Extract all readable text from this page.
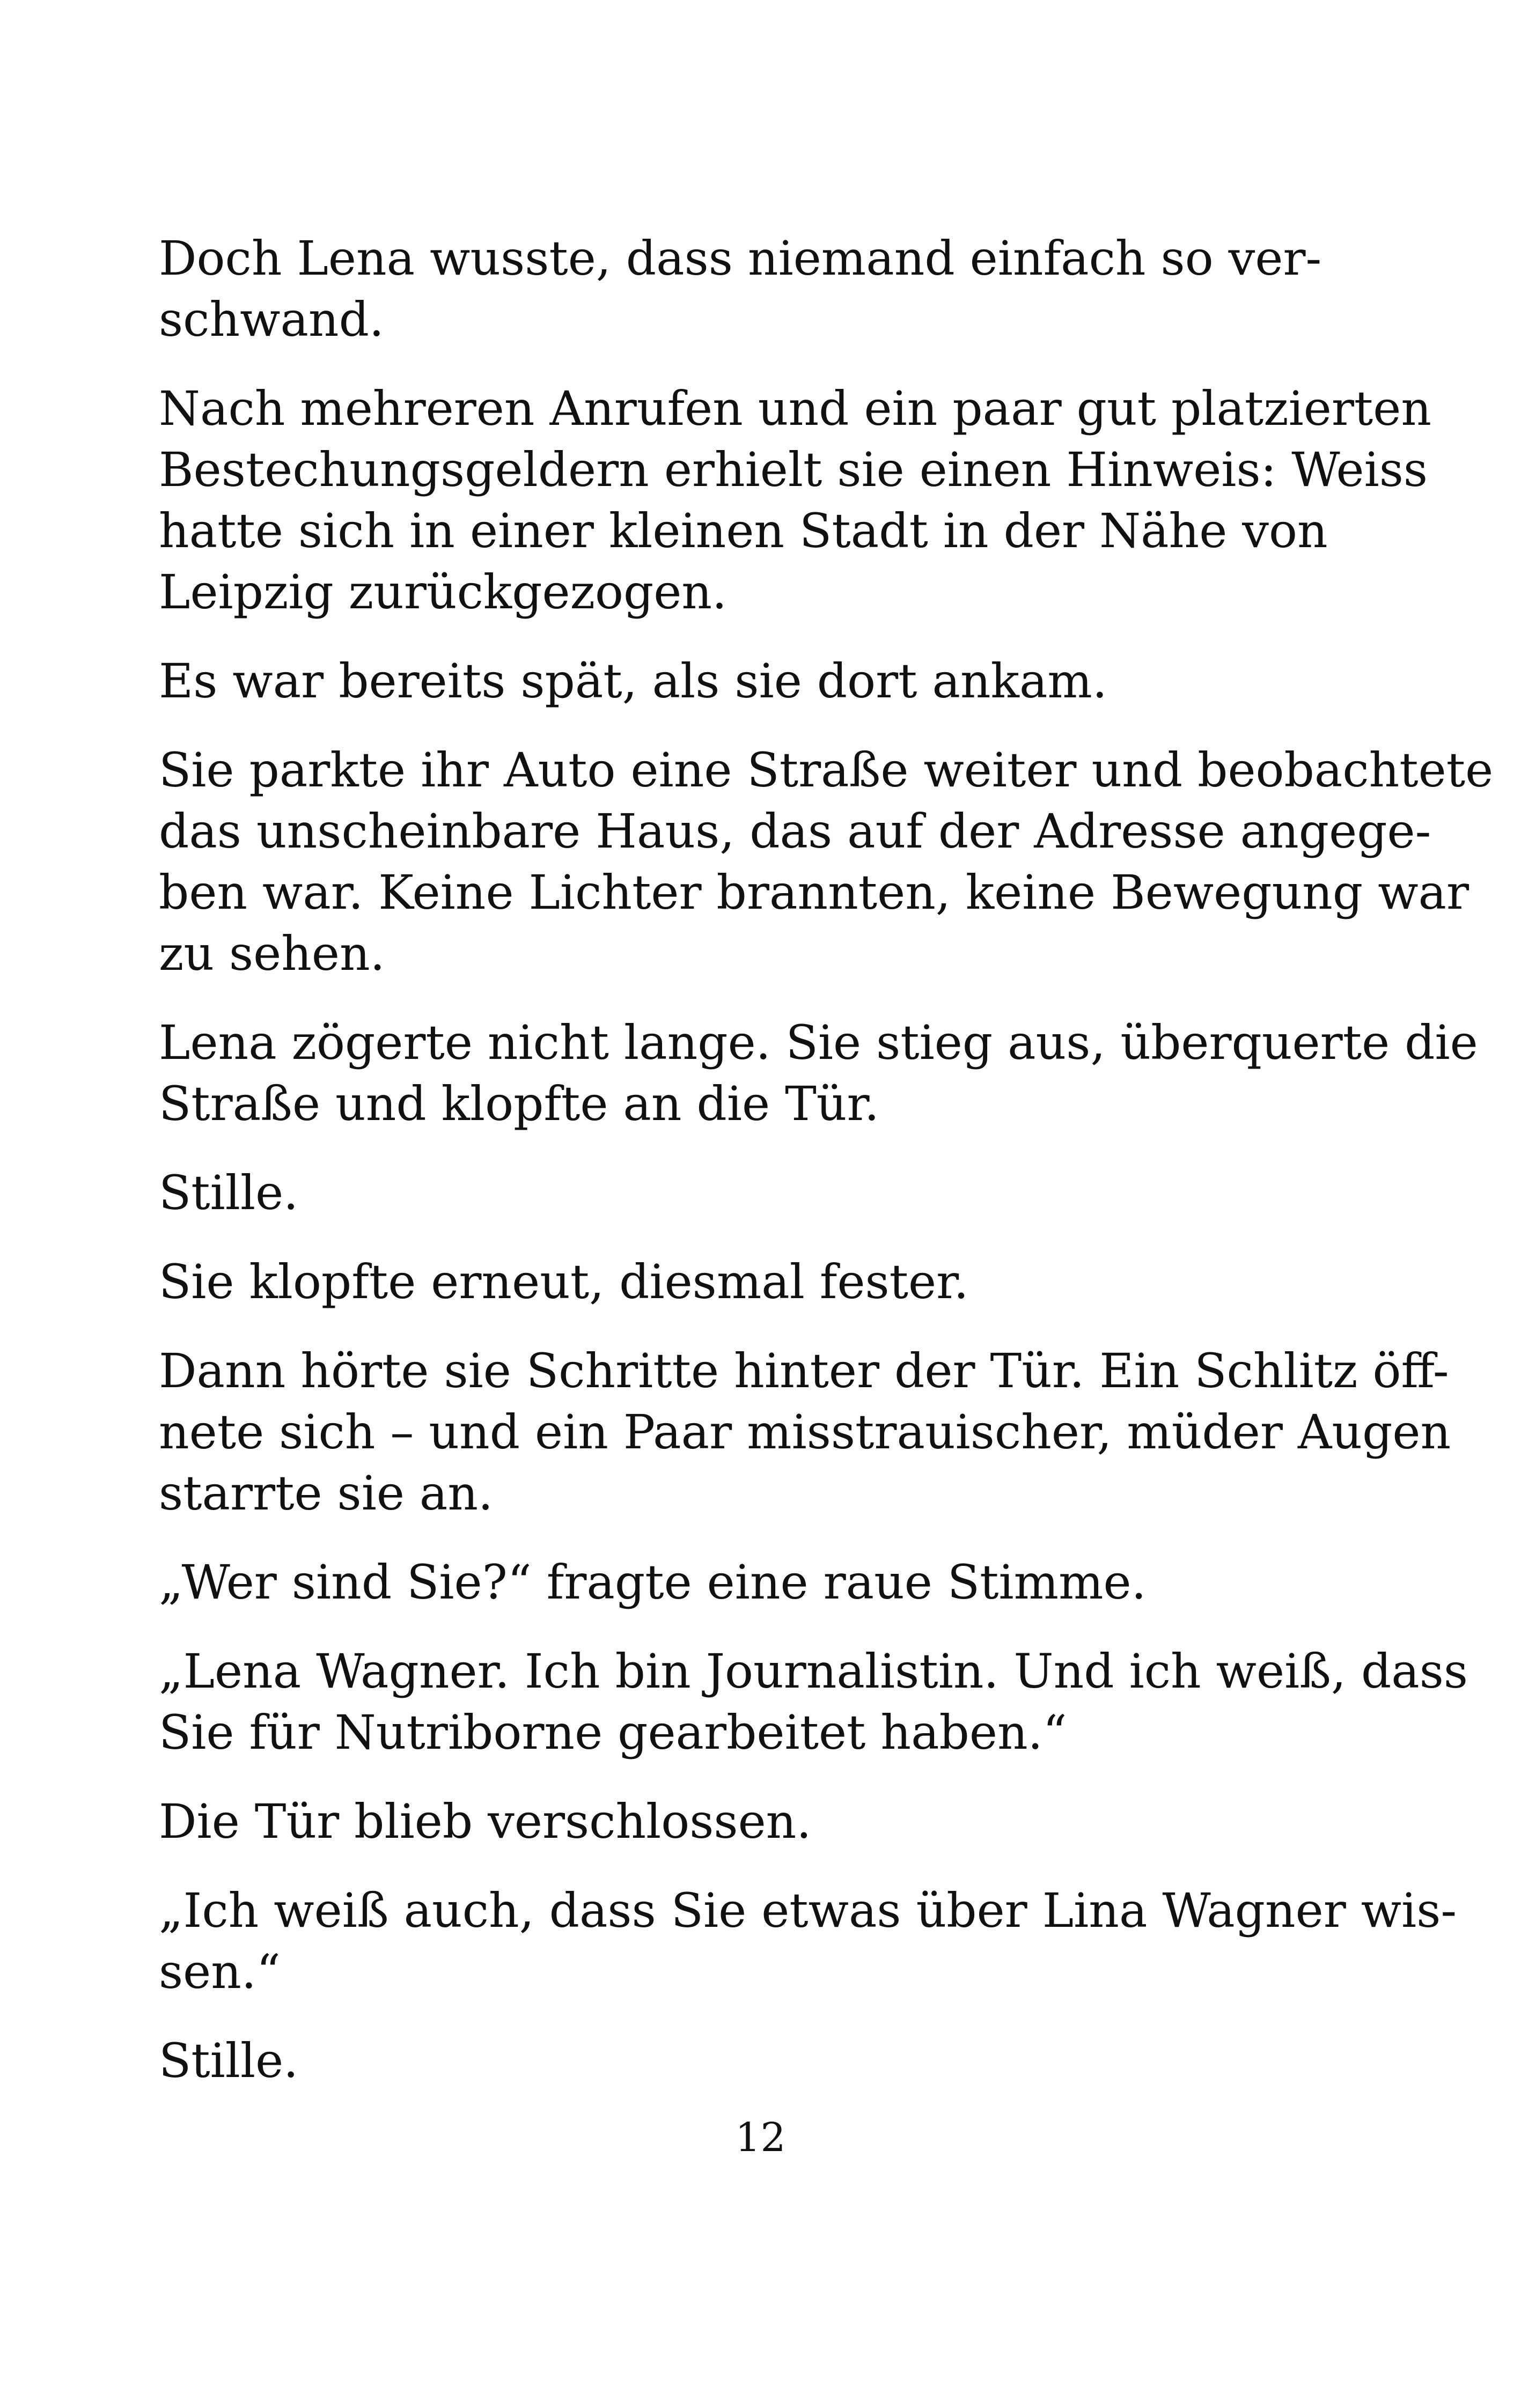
Doch Lena wusste, dass niemand einfach so ver-
schwand.

Nach mehreren Anrufen und ein paar gut platzierten
Bestechungsgeldern erhielt sie einen Hinweis: Weiss
hatte sich in einer kleinen Stadt in der Nähe von
Leipzig zurückgezogen.

Es war bereits spät, als sie dort ankam.

Sie parkte ihr Auto eine Straße weiter und beobachtete
das unscheinbare Haus, das auf der Adresse angege-
ben war. Keine Lichter brannten, keine Bewegung war
zu sehen.

Lena zögerte nicht lange. Sie stieg aus, überquerte die
Straße und klopfte an die Tür.

Stille.

Sie klopfte erneut, diesmal fester.

Dann hörte sie Schritte hinter der Tür. Ein Schlitz öff-
nete sich – und ein Paar misstrauischer, müder Augen
starrte sie an.

„Wer sind Sie?“ fragte eine raue Stimme.

„Lena Wagner. Ich bin Journalistin. Und ich weiß, dass
Sie für Nutriborne gearbeitet haben.“

Die Tür blieb verschlossen.

„Ich weiß auch, dass Sie etwas über Lina Wagner wis-
sen.“

Stille.

12
